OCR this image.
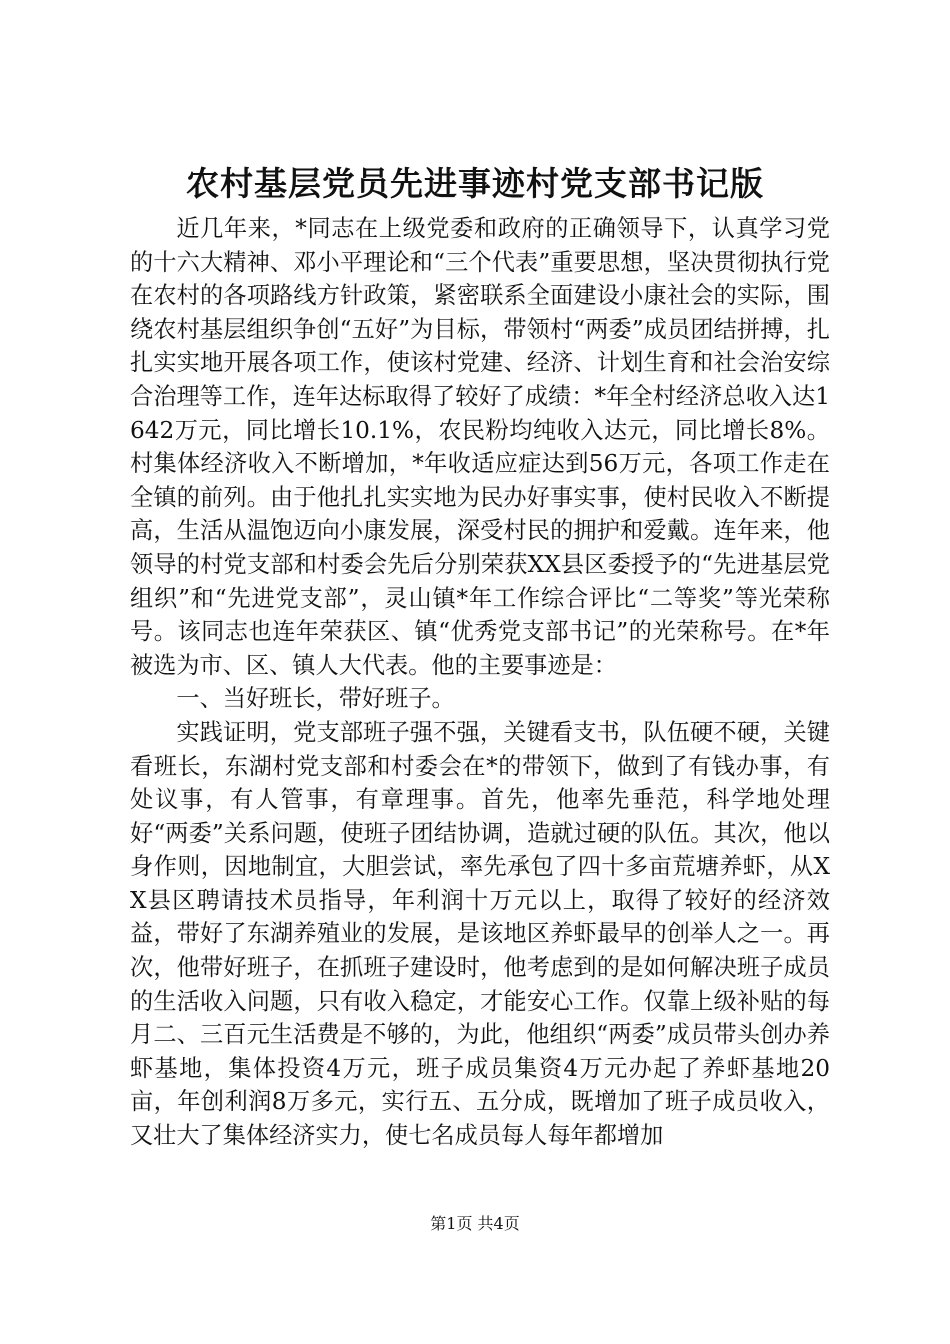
农村基层党员先进事迹村党支部书记版

近几年来，*同志在上级党委和政府的正确领导下，认真学习党的十六大精神、邓小平理论和“三个代表”重要思想，坚决贯彻执行党在农村的各项路线方针政策，紧密联系全面建设小康社会的实际，围绕农村基层组织争创“五好”为目标，带领村“两委”成员团结拼搏，扎扎实实地开展各项工作，使该村党建、经济、计划生育和社会治安综合治理等工作，连年达标取得了较好了成绩：*年全村经济总收入达1642万元，同比增长10.1%，农民粉均纯收入达元，同比增长8%。村集体经济收入不断增加，*年收适应症达到56万元，各项工作走在全镇的前列。由于他扎扎实实地为民办好事实事，使村民收入不断提高，生活从温饱迈向小康发展，深受村民的拥护和爱戴。连年来，他领导的村党支部和村委会先后分别荣获XX县区委授予的“先进基层党组织”和“先进党支部”，灵山镇*年工作综合评比“二等奖”等光荣称号。该同志也连年荣获区、镇“优秀党支部书记”的光荣称号。在*年被选为市、区、镇人大代表。他的主要事迹是：

一、当好班长，带好班子。

实践证明，党支部班子强不强，关键看支书，队伍硬不硬，关键看班长，东湖村党支部和村委会在*的带领下，做到了有钱办事，有处议事，有人管事，有章理事。首先，他率先垂范，科学地处理好“两委”关系问题，使班子团结协调，造就过硬的队伍。其次，他以身作则，因地制宜，大胆尝试，率先承包了四十多亩荒塘养虾，从XX县区聘请技术员指导，年利润十万元以上，取得了较好的经济效益，带好了东湖养殖业的发展，是该地区养虾最早的创举人之一。再次，他带好班子，在抓班子建设时，他考虑到的是如何解决班子成员的生活收入问题，只有收入稳定，才能安心工作。仅靠上级补贴的每月二、三百元生活费是不够的，为此，他组织“两委”成员带头创办养虾基地，集体投资4万元，班子成员集资4万元办起了养虾基地20亩，年创利润8万多元，实行五、五分成，既增加了班子成员收入，又壮大了集体经济实力，使七名成员每人每年都增加

第1页 共4页
